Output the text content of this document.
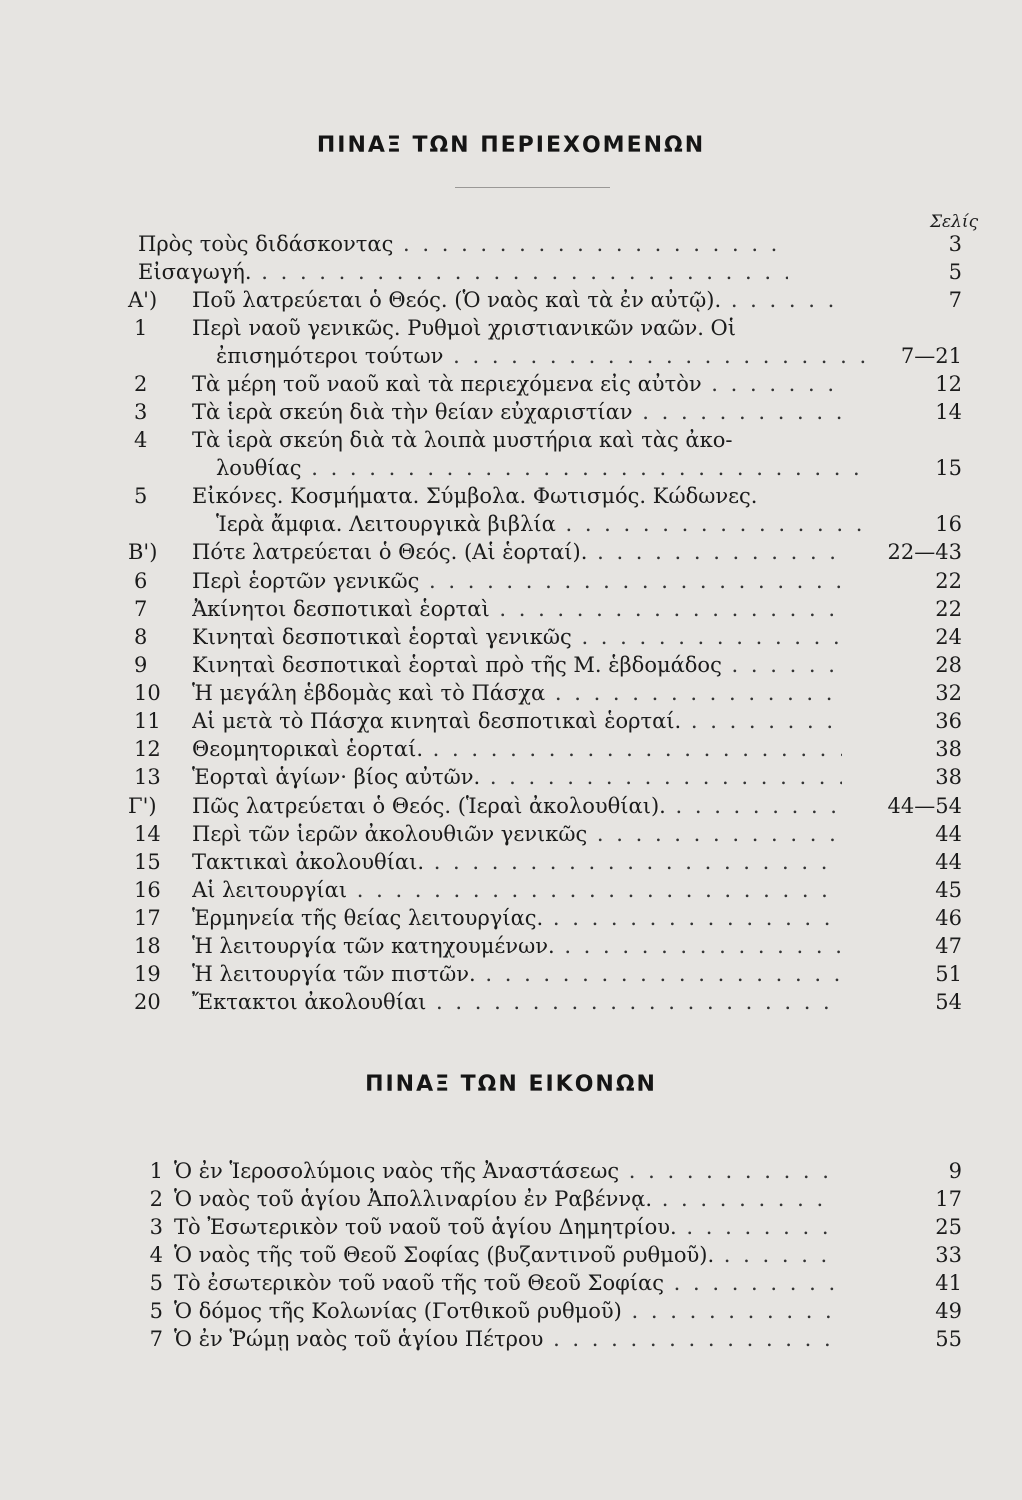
ΠΙΝΑΞ ΤΩΝ ΠΕΡΙΕΧΟΜΕΝΩΝ
Σελίς
Πρὸς τοὺς διδάσκοντας . . .	3
Εἰσαγωγή. . . .	5
Α')	Ποῦ λατρεύεται ὁ Θεός. (Ὁ ναὸς καὶ τὰ ἐν αὐτῷ). . . .	7
1	Περὶ ναοῦ γενικῶς. Ρυθμοὶ χριστιανικῶν ναῶν. Οἱ
ἐπισημότεροι τούτων . . .	7—21
2	Τὰ μέρη τοῦ ναοῦ καὶ τὰ περιεχόμενα εἰς αὐτὸν . . .	12
3	Τὰ ἱερὰ σκεύη διὰ τὴν θείαν εὐχαριστίαν . . .	14
4	Τὰ ἱερὰ σκεύη διὰ τὰ λοιπὰ μυστήρια καὶ τὰς ἀκο-
λουθίας . . .	15
5	Εἰκόνες. Κοσμήματα. Σύμβολα. Φωτισμός. Κώδωνες.
Ἱερὰ ἄμφια. Λειτουργικὰ βιβλία . . .	16
Β')	Πότε λατρεύεται ὁ Θεός. (Αἱ ἑορταί). . . .	22—43
6	Περὶ ἑορτῶν γενικῶς . . .	22
7	Ἀκίνητοι δεσποτικαὶ ἑορταὶ . . .	22
8	Κινηταὶ δεσποτικαὶ ἑορταὶ γενικῶς . . .	24
9	Κινηταὶ δεσποτικαὶ ἑορταὶ πρὸ τῆς Μ. ἑβδομάδος . . .	28
10	Ἡ μεγάλη ἑβδομὰς καὶ τὸ Πάσχα . . .	32
11	Αἱ μετὰ τὸ Πάσχα κινηταὶ δεσποτικαὶ ἑορταί. . . .	36
12	Θεομητορικαὶ ἑορταί. . . .	38
13	Ἑορταὶ ἁγίων· βίος αὐτῶν. . . .	38
Γ')	Πῶς λατρεύεται ὁ Θεός. (Ἱεραὶ ἀκολουθίαι). . . .	44—54
14	Περὶ τῶν ἱερῶν ἀκολουθιῶν γενικῶς . . .	44
15	Τακτικαὶ ἀκολουθίαι. . . .	44
16	Αἱ λειτουργίαι . . .	45
17	Ἑρμηνεία τῆς θείας λειτουργίας. . . .	46
18	Ἡ λειτουργία τῶν κατηχουμένων. . . .	47
19	Ἡ λειτουργία τῶν πιστῶν. . . .	51
20	Ἔκτακτοι ἀκολουθίαι . . .	54
ΠΙΝΑΞ ΤΩΝ ΕΙΚΟΝΩΝ
1 Ὁ ἐν Ἱεροσολύμοις ναὸς τῆς Ἀναστάσεως . . .	9
2 Ὁ ναὸς τοῦ ἁγίου Ἀπολλιναρίου ἐν Ραβέννᾳ. . . .	17
3 Τὸ Ἐσωτερικὸν τοῦ ναοῦ τοῦ ἁγίου Δημητρίου. . . .	25
4 Ὁ ναὸς τῆς τοῦ Θεοῦ Σοφίας (βυζαντινοῦ ρυθμοῦ). . . .	33
5 Τὸ ἐσωτερικὸν τοῦ ναοῦ τῆς τοῦ Θεοῦ Σοφίας . . .	41
5 Ὁ δόμος τῆς Κολωνίας (Γοτθικοῦ ρυθμοῦ) . . .	49
7 Ὁ ἐν Ῥώμῃ ναὸς τοῦ ἁγίου Πέτρου . . .	55
